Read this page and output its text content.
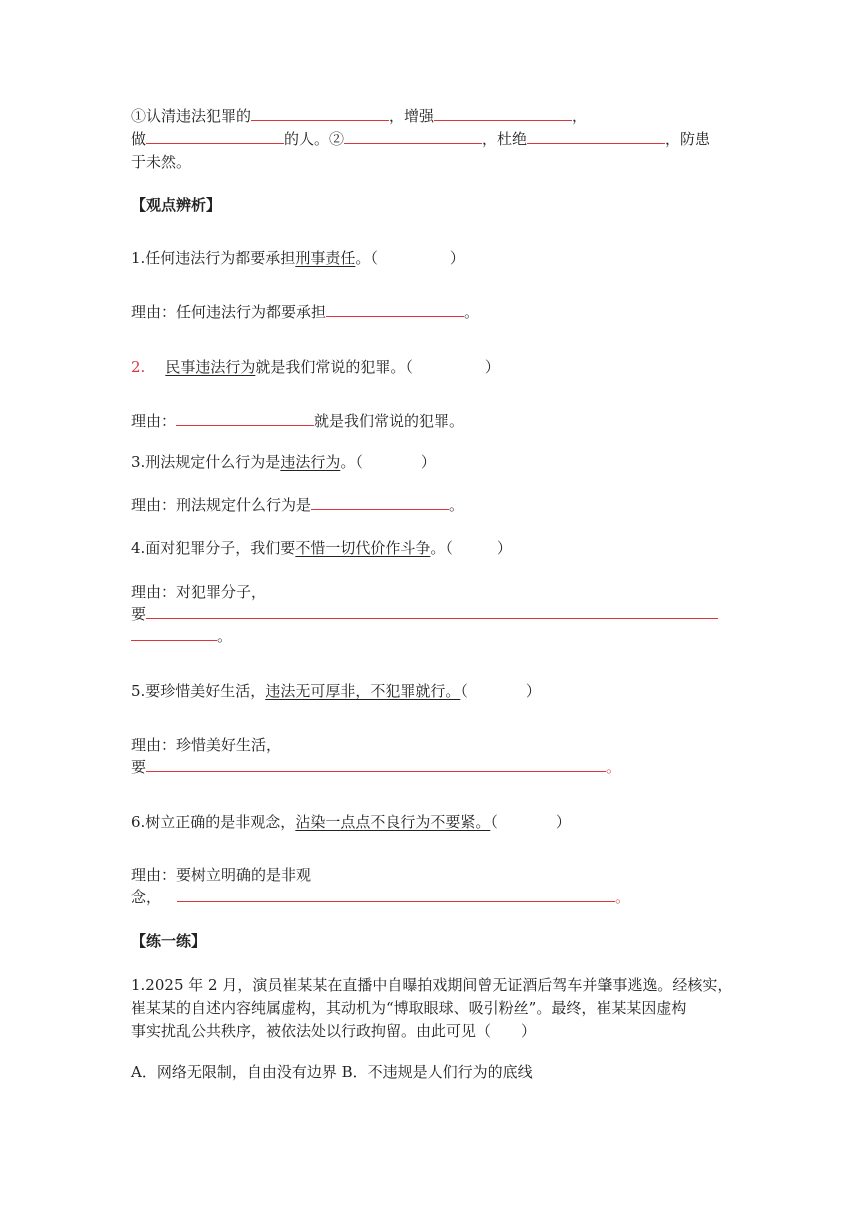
①认清违法犯罪的	，增强	，
做	的人。②	，杜绝	，防患
于未然。
【观点辨析】
1.任何违法行为都要承担刑事责任。（	）
理由：任何违法行为都要承担	。
2. 民事违法行为就是我们常说的犯罪。（	）
理由：	就是我们常说的犯罪。
3.刑法规定什么行为是违法行为。（	）
理由：刑法规定什么行为是	。
4.面对犯罪分子，我们要不惜一切代价作斗争。（	）
理由：对犯罪分子，
要
。
5.要珍惜美好生活，违法无可厚非，不犯罪就行。（	）
理由：珍惜美好生活，
要	。
6.树立正确的是非观念，沾染一点点不良行为不要紧。（	）
理由：要树立明确的是非观
念，	。
【练一练】
1.2025 年 2 月，演员崔某某在直播中自曝拍戏期间曾无证酒后驾车并肇事逃逸。经核实，
崔某某的自述内容纯属虚构，其动机为“博取眼球、吸引粉丝”。最终，崔某某因虚构
事实扰乱公共秩序，被依法处以行政拘留。由此可见（　　）
A．网络无限制，自由没有边界 B．不违规是人们行为的底线
